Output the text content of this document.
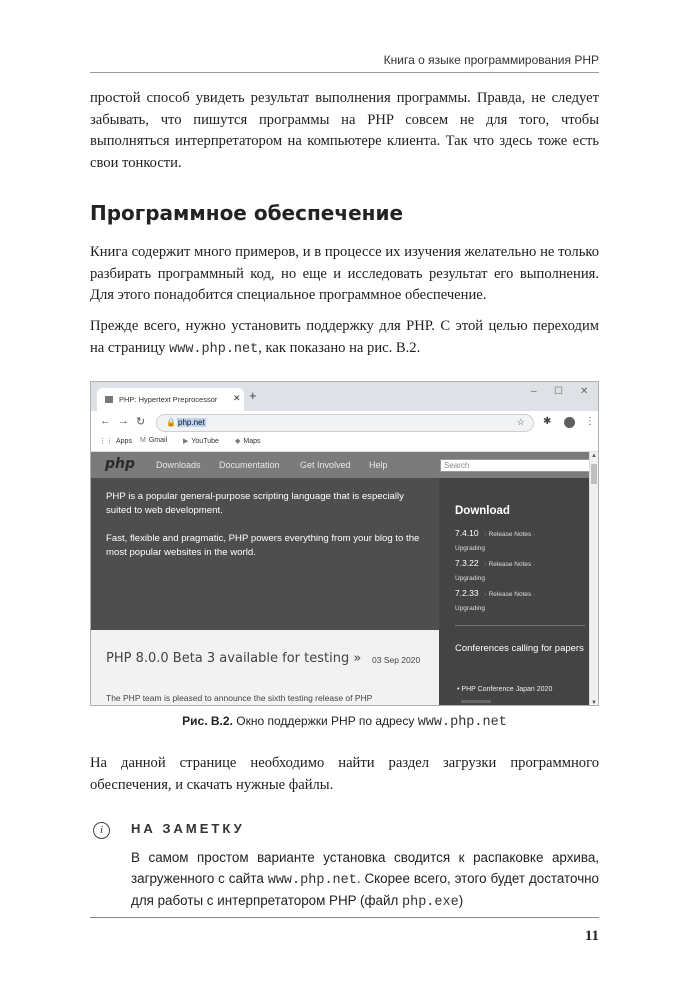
Книга о языке программирования PHP

простой способ увидеть результат выполнения программы. Правда, не следует забывать, что пишутся программы на PHP совсем не для того, чтобы выполняться интерпретатором на компьютере клиента. Так что здесь тоже есть свои тонкости.

Программное обеспечение

Книга содержит много примеров, и в процессе их изучения желательно не только разбирать программный код, но еще и исследовать результат его выполнения. Для этого понадобится специальное программное обеспечение.

Прежде всего, нужно установить поддержку для PHP. С этой целью переходим на страницу www.php.net, как показано на рис. В.2.

PHP: Hypertext Preprocessor ✕ +	– ☐ ✕
← → ↻	🔒 php.net	☆ ✱	⋮
⋮⋮ Apps M Gmail ▶ YouTube ◆ Maps
php Downloads Documentation Get Involved Help	Search

PHP is a popular general-purpose scripting language that is especially suited to web development.

Fast, flexible and pragmatic, PHP powers everything from your blog to the most popular websites in the world.

Download
7.4.10 · Release Notes ·
Upgrading
7.3.22 · Release Notes ·
Upgrading
7.2.33 · Release Notes ·
Upgrading
Conferences calling for papers
• PHP Conference Japan 2020
PHP 8.0.0 Beta 3 available for testing » 03 Sep 2020
The PHP team is pleased to announce the sixth testing release of PHP
▲
▼
Рис. В.2. Окно поддержки PHP по адресу www.php.net

На данной странице необходимо найти раздел загрузки программного обеспечения, и скачать нужные файлы.

i	НА ЗАМЕТКУ

В самом простом варианте установка сводится к распаковке архива, загруженного с сайта www.php.net. Скорее всего, этого будет достаточно для работы с интерпретатором PHP (файл php.exe)

11
